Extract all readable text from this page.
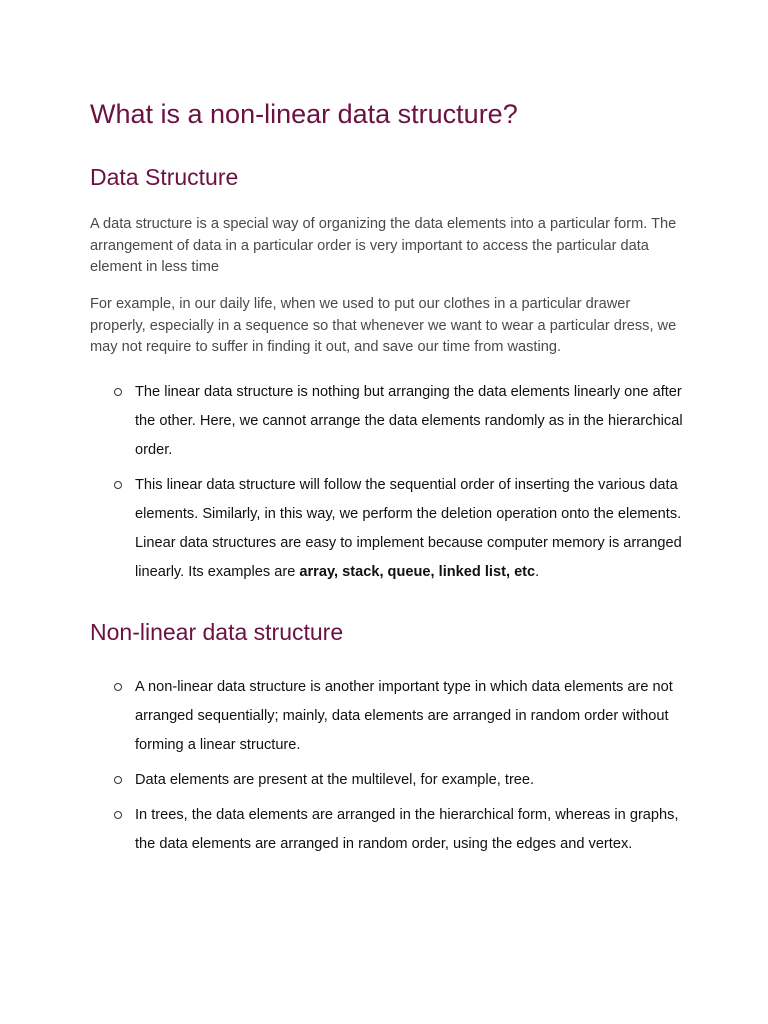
What is a non-linear data structure?
Data Structure

A data structure is a special way of organizing the data elements into a particular form. The arrangement of data in a particular order is very important to access the particular data element in less time

For example, in our daily life, when we used to put our clothes in a particular drawer properly, especially in a sequence so that whenever we want to wear a particular dress, we may not require to suffer in finding it out, and save our time from wasting.

The linear data structure is nothing but arranging the data elements linearly one after the other. Here, we cannot arrange the data elements randomly as in the hierarchical order.
This linear data structure will follow the sequential order of inserting the various data elements. Similarly, in this way, we perform the deletion operation onto the elements. Linear data structures are easy to implement because computer memory is arranged linearly. Its examples are array, stack, queue, linked list, etc.
Non-linear data structure
A non-linear data structure is another important type in which data elements are not arranged sequentially; mainly, data elements are arranged in random order without forming a linear structure.
Data elements are present at the multilevel, for example, tree.
In trees, the data elements are arranged in the hierarchical form, whereas in graphs, the data elements are arranged in random order, using the edges and vertex.
